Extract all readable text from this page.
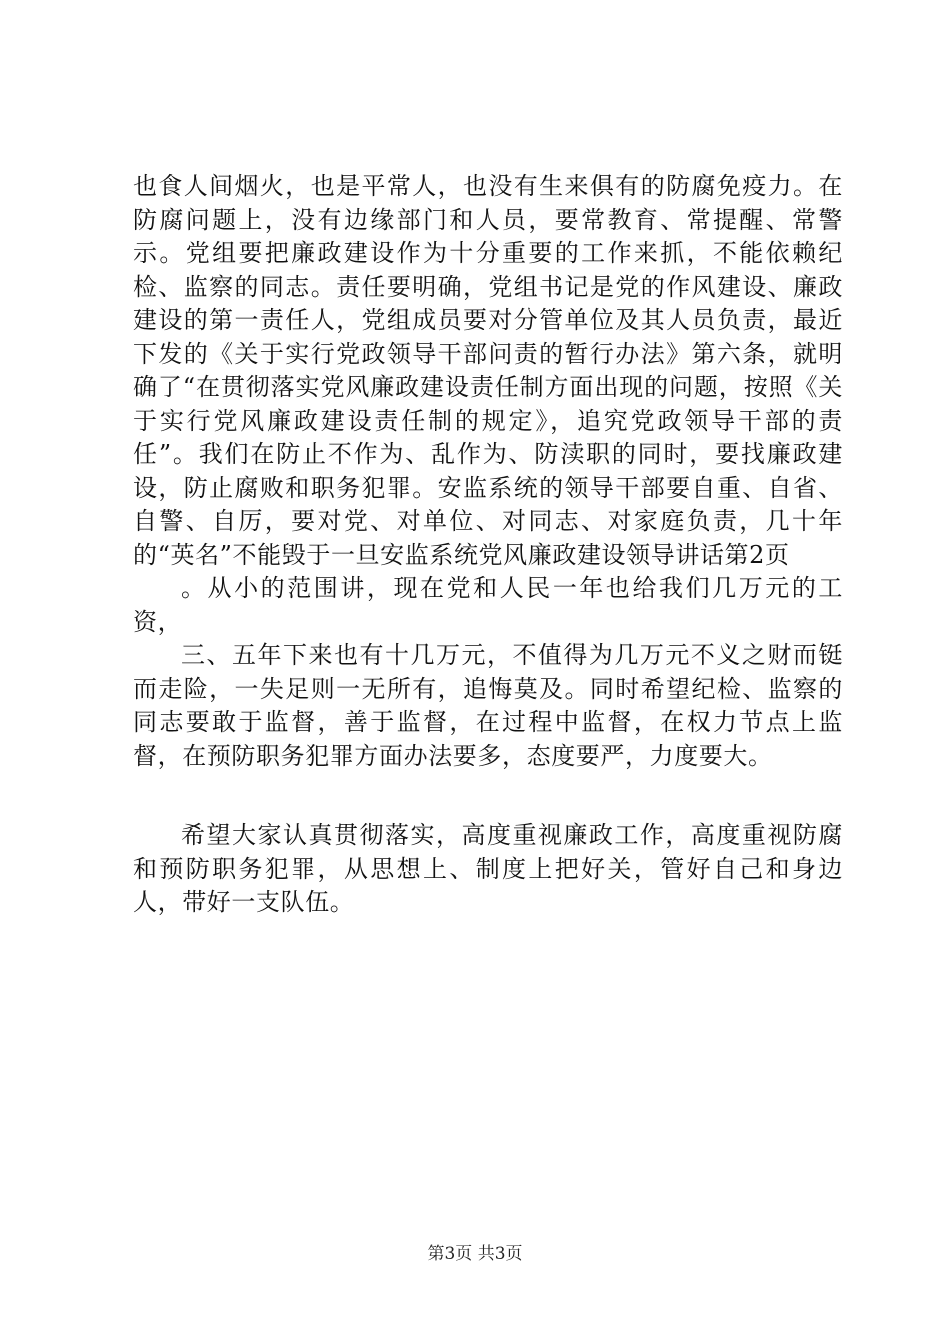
也食人间烟火，也是平常人，也没有生来俱有的防腐免疫力。在防腐问题上，没有边缘部门和人员，要常教育、常提醒、常警示。党组要把廉政建设作为十分重要的工作来抓，不能依赖纪检、监察的同志。责任要明确，党组书记是党的作风建设、廉政建设的第一责任人，党组成员要对分管单位及其人员负责，最近下发的《关于实行党政领导干部问责的暂行办法》第六条，就明确了“在贯彻落实党风廉政建设责任制方面出现的问题，按照《关于实行党风廉政建设责任制的规定》，追究党政领导干部的责任”。我们在防止不作为、乱作为、防渎职的同时，要找廉政建设，防止腐败和职务犯罪。安监系统的领导干部要自重、自省、自警、自厉，要对党、对单位、对同志、对家庭负责，几十年的“英名”不能毁于一旦安监系统党风廉政建设领导讲话第2页

。从小的范围讲，现在党和人民一年也给我们几万元的工资，

三、五年下来也有十几万元，不值得为几万元不义之财而铤而走险，一失足则一无所有，追悔莫及。同时希望纪检、监察的同志要敢于监督，善于监督，在过程中监督，在权力节点上监督，在预防职务犯罪方面办法要多，态度要严，力度要大。

希望大家认真贯彻落实，高度重视廉政工作，高度重视防腐和预防职务犯罪，从思想上、制度上把好关，管好自己和身边人，带好一支队伍。

第3页 共3页
